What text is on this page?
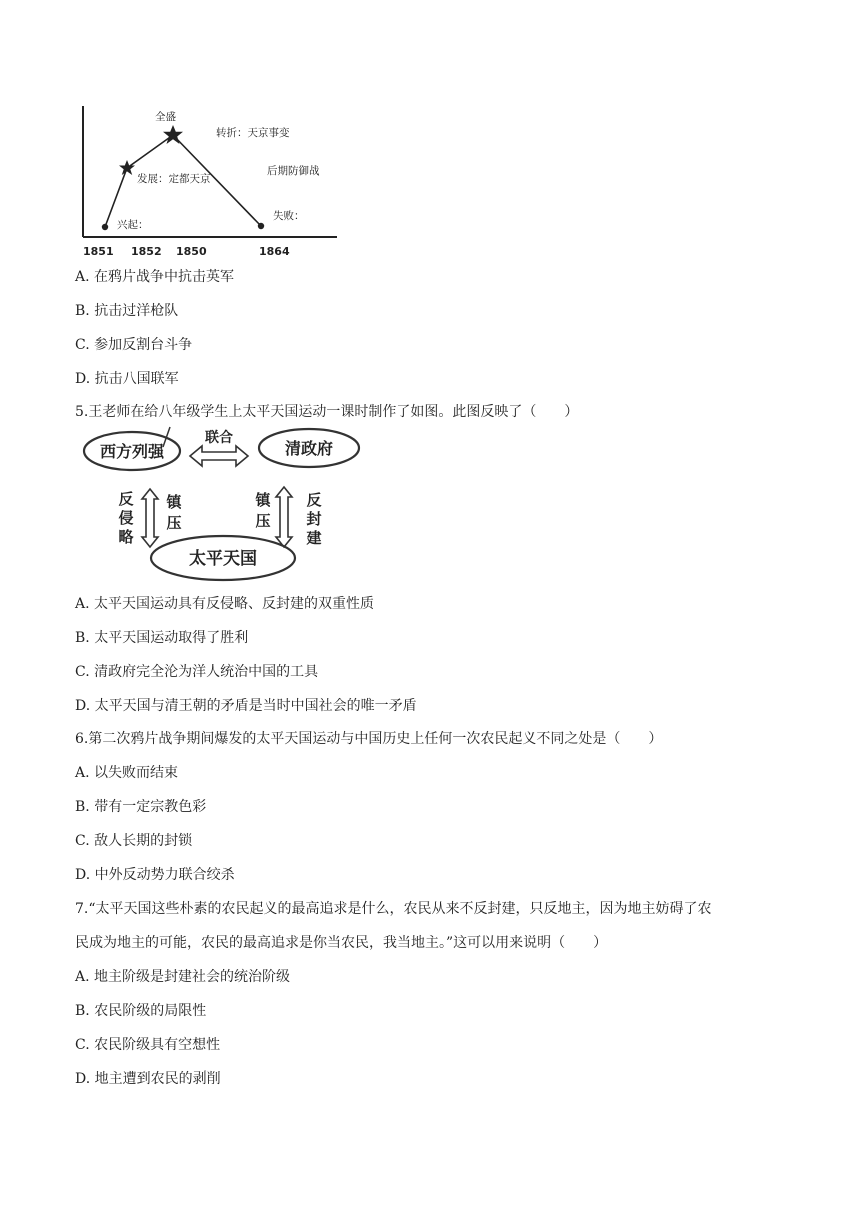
兴起：
发展：定都天京
全盛
转折：天京事变
后期防御战
失败：
1851 1852 1850	1864
A. 在鸦片战争中抗击英军
B. 抗击过洋枪队
C. 参加反割台斗争
D. 抗击八国联军
5.王老师在给八年级学生上太平天国运动一课时制作了如图。此图反映了（　　）
西方列强	清政府
联合
反侵略
镇压
镇压
反封建
太平天国
A. 太平天国运动具有反侵略、反封建的双重性质
B. 太平天国运动取得了胜利
C. 清政府完全沦为洋人统治中国的工具
D. 太平天国与清王朝的矛盾是当时中国社会的唯一矛盾
6.第二次鸦片战争期间爆发的太平天国运动与中国历史上任何一次农民起义不同之处是（　　）
A. 以失败而结束
B. 带有一定宗教色彩
C. 敌人长期的封锁
D. 中外反动势力联合绞杀
7.“太平天国这些朴素的农民起义的最高追求是什么，农民从来不反封建，只反地主，因为地主妨碍了农
民成为地主的可能，农民的最高追求是你当农民，我当地主。”这可以用来说明（　　）
A. 地主阶级是封建社会的统治阶级
B. 农民阶级的局限性
C. 农民阶级具有空想性
D. 地主遭到农民的剥削
